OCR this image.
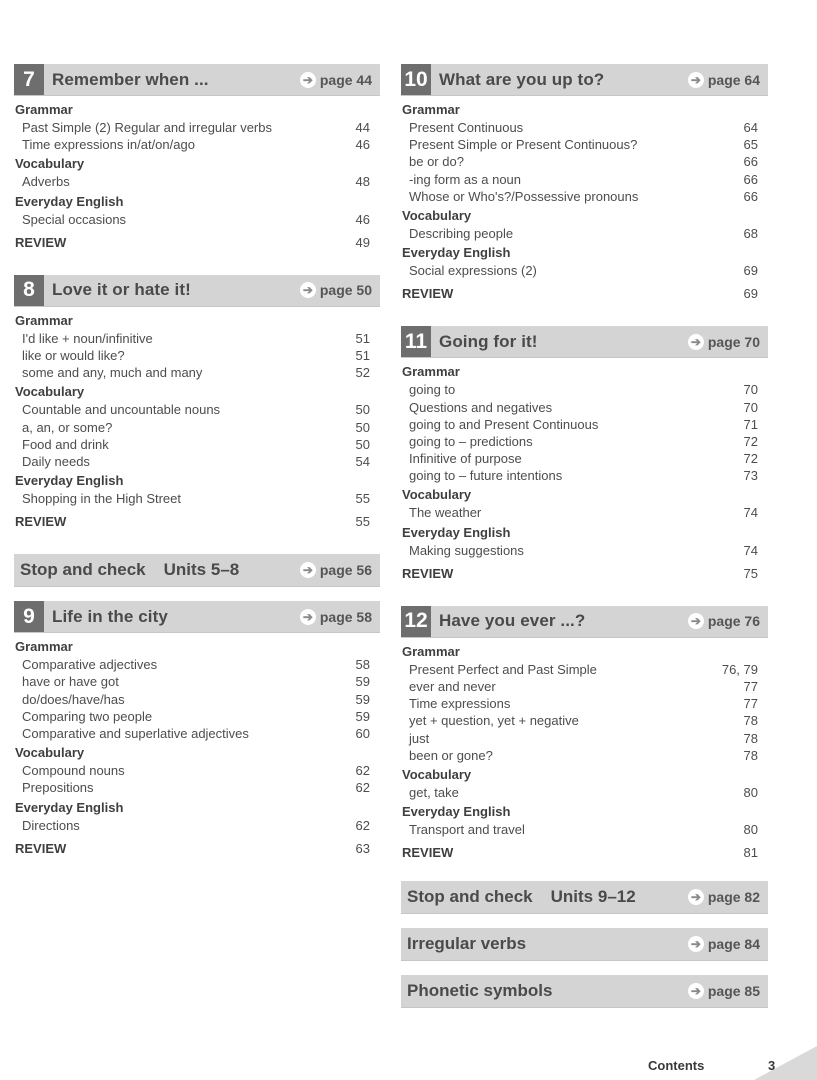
7	Remember when ...	➔ page 44
Grammar
Past Simple (2) Regular and irregular verbs	44
Time expressions in/at/on/ago	46
Vocabulary
Adverbs	48
Everyday English
Special occasions	46
REVIEW	49
8	Love it or hate it!	➔ page 50
Grammar
I'd like + noun/infinitive	51
like or would like?	51
some and any, much and many	52
Vocabulary
Countable and uncountable nouns	50
a, an, or some?	50
Food and drink	50
Daily needs	54
Everyday English
Shopping in the High Street	55
REVIEW	55
Stop and check Units 5–8	➔ page 56
9	Life in the city	➔ page 58
Grammar
Comparative adjectives	58
have or have got	59
do/does/have/has	59
Comparing two people	59
Comparative and superlative adjectives	60
Vocabulary
Compound nouns	62
Prepositions	62
Everyday English
Directions	62
REVIEW	63
10 What are you up to?	➔ page 64
Grammar
Present Continuous	64
Present Simple or Present Continuous?	65
be or do?	66
-ing form as a noun	66
Whose or Who's?/Possessive pronouns	66
Vocabulary
Describing people	68
Everyday English
Social expressions (2)	69
REVIEW	69
11 Going for it!	➔ page 70
Grammar
going to	70
Questions and negatives	70
going to and Present Continuous	71
going to – predictions	72
Infinitive of purpose	72
going to – future intentions	73
Vocabulary
The weather	74
Everyday English
Making suggestions	74
REVIEW	75
12 Have you ever ...?	➔ page 76
Grammar
Present Perfect and Past Simple	76, 79
ever and never	77
Time expressions	77
yet + question, yet + negative	78
just	78
been or gone?	78
Vocabulary
get, take	80
Everyday English
Transport and travel	80
REVIEW	81
Stop and check Units 9–12	➔ page 82
Irregular verbs	➔ page 84
Phonetic symbols	➔ page 85
Contents	3
